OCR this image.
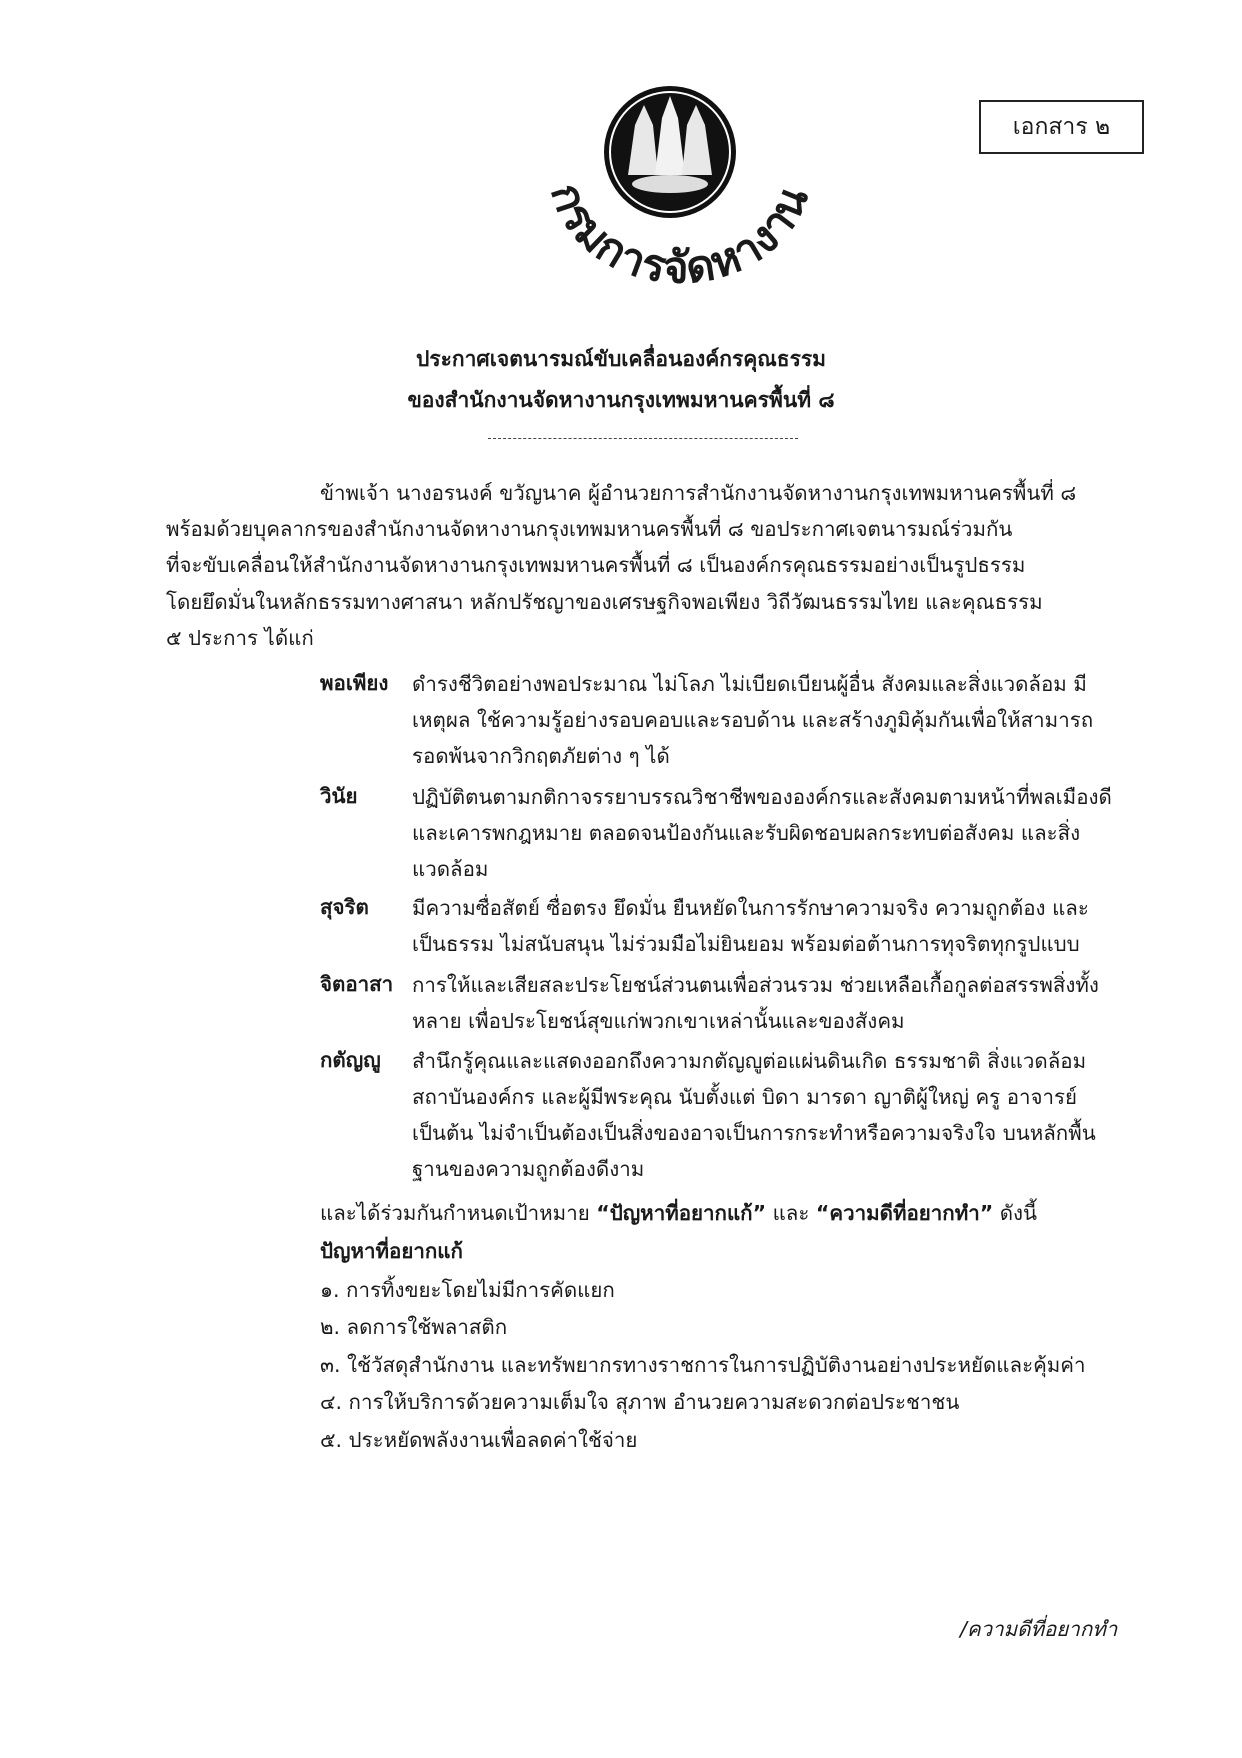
กรมการจัดหางาน
เอกสาร ๒
ประกาศเจตนารมณ์ขับเคลื่อนองค์กรคุณธรรม
ของสำนักงานจัดหางานกรุงเทพมหานครพื้นที่ ๘
ข้าพเจ้า นางอรนงค์ ขวัญนาค ผู้อำนวยการสำนักงานจัดหางานกรุงเทพมหานครพื้นที่ ๘
พร้อมด้วยบุคลากรของสำนักงานจัดหางานกรุงเทพมหานครพื้นที่ ๘ ขอประกาศเจตนารมณ์ร่วมกัน
ที่จะขับเคลื่อนให้สำนักงานจัดหางานกรุงเทพมหานครพื้นที่ ๘ เป็นองค์กรคุณธรรมอย่างเป็นรูปธรรม
โดยยึดมั่นในหลักธรรมทางศาสนา หลักปรัชญาของเศรษฐกิจพอเพียง วิถีวัฒนธรรมไทย และคุณธรรม
๕ ประการ ได้แก่
พอเพียง ดำรงชีวิตอย่างพอประมาณ ไม่โลภ ไม่เบียดเบียนผู้อื่น สังคมและสิ่งแวดล้อม มีเหตุผล ใช้ความรู้อย่างรอบคอบและรอบด้าน และสร้างภูมิคุ้มกันเพื่อให้สามารถรอดพ้นจากวิกฤตภัยต่าง ๆ ได้
วินัย	ปฏิบัติตนตามกติกาจรรยาบรรณวิชาชีพขององค์กรและสังคมตามหน้าที่พลเมืองดี และเคารพกฎหมาย ตลอดจนป้องกันและรับผิดชอบผลกระทบต่อสังคม และสิ่งแวดล้อม
สุจริต มีความซื่อสัตย์ ซื่อตรง ยึดมั่น ยืนหยัดในการรักษาความจริง ความถูกต้อง และเป็นธรรม ไม่สนับสนุน ไม่ร่วมมือไม่ยินยอม พร้อมต่อต้านการทุจริตทุกรูปแบบ
จิตอาสา การให้และเสียสละประโยชน์ส่วนตนเพื่อส่วนรวม ช่วยเหลือเกื้อกูลต่อสรรพสิ่งทั้งหลาย เพื่อประโยชน์สุขแก่พวกเขาเหล่านั้นและของสังคม
กตัญญู สำนึกรู้คุณและแสดงออกถึงความกตัญญูต่อแผ่นดินเกิด ธรรมชาติ สิ่งแวดล้อม สถาบันองค์กร และผู้มีพระคุณ นับตั้งแต่ บิดา มารดา ญาติผู้ใหญ่ ครู อาจารย์ เป็นต้น ไม่จำเป็นต้องเป็นสิ่งของอาจเป็นการกระทำหรือความจริงใจ บนหลักพื้นฐานของความถูกต้องดีงาม
และได้ร่วมกันกำหนดเป้าหมาย “ปัญหาที่อยากแก้” และ “ความดีที่อยากทำ” ดังนี้
ปัญหาที่อยากแก้
๑. การทิ้งขยะโดยไม่มีการคัดแยก
๒. ลดการใช้พลาสติก
๓. ใช้วัสดุสำนักงาน และทรัพยากรทางราชการในการปฏิบัติงานอย่างประหยัดและคุ้มค่า
๔. การให้บริการด้วยความเต็มใจ สุภาพ อำนวยความสะดวกต่อประชาชน
๕. ประหยัดพลังงานเพื่อลดค่าใช้จ่าย
/ความดีที่อยากทำ
